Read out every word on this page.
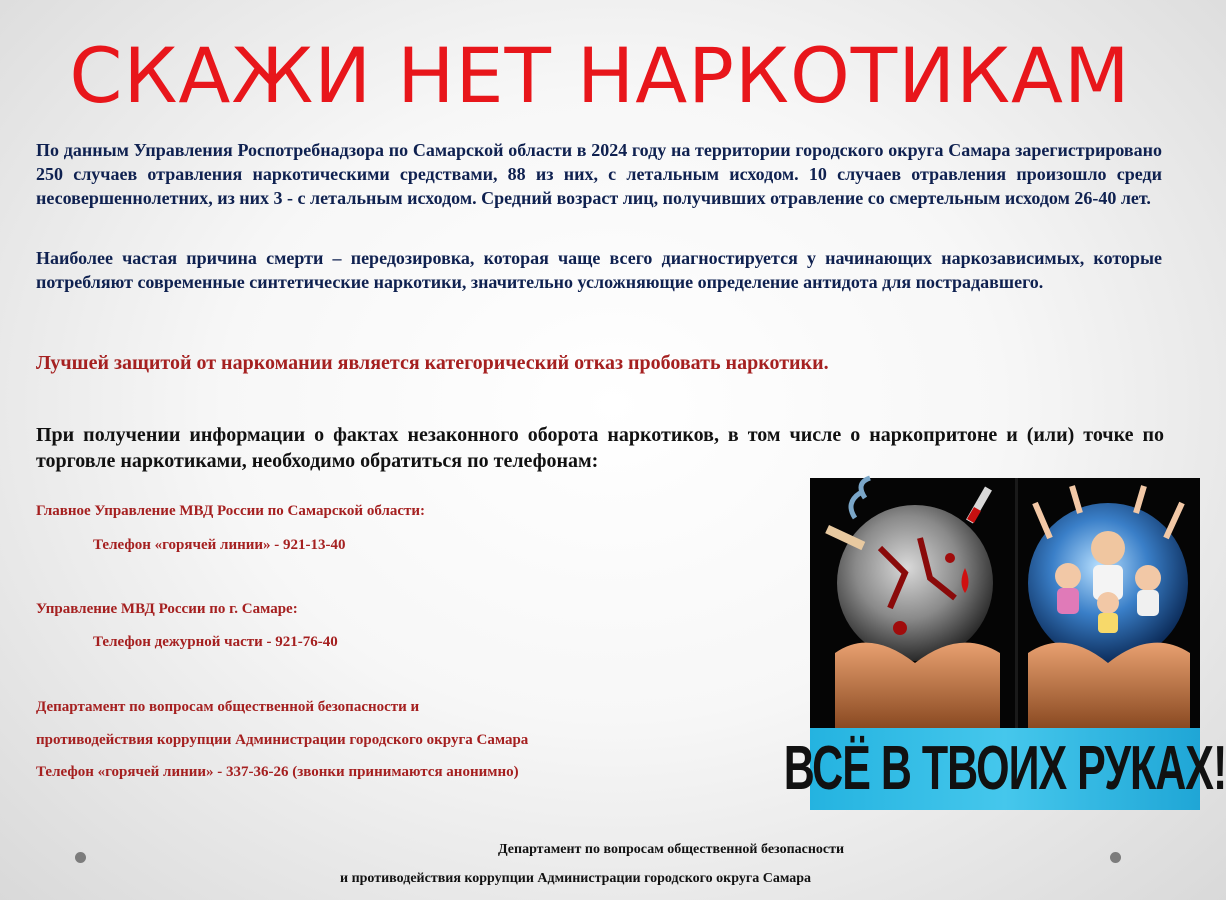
СКАЖИ НЕТ НАРКОТИКАМ

По данным Управления Роспотребнадзора по Самарской области в 2024 году на территории городского округа Самара зарегистрировано 250 случаев отравления наркотическими средствами, 88 из них, с летальным исходом. 10 случаев отравления произошло среди несовершеннолетних, из них 3 - с летальным исходом. Средний возраст лиц, получивших отравление со смертельным исходом 26-40 лет.

Наиболее частая причина смерти – передозировка, которая чаще всего диагностируется у начинающих наркозависимых, которые потребляют современные синтетические наркотики, значительно усложняющие определение антидота для пострадавшего.

Лучшей защитой от наркомании является категорический отказ пробовать наркотики.

При получении информации о фактах незаконного оборота наркотиков, в том числе о наркопритоне и (или) точке по торговле наркотиками, необходимо обратиться по телефонам:

Главное Управление МВД России по Самарской области:

Телефон «горячей линии» - 921-13-40

Управление МВД России по г. Самаре:

Телефон дежурной части - 921-76-40

Департамент по вопросам общественной безопасности и

противодействия коррупции Администрации городского округа Самара

Телефон «горячей линии» - 337-36-26 (звонки принимаются анонимно)	ВСЁ В ТВОИХ РУКАХ!

Департамент по вопросам общественной безопасности

и противодействия коррупции Администрации городского округа Самара
